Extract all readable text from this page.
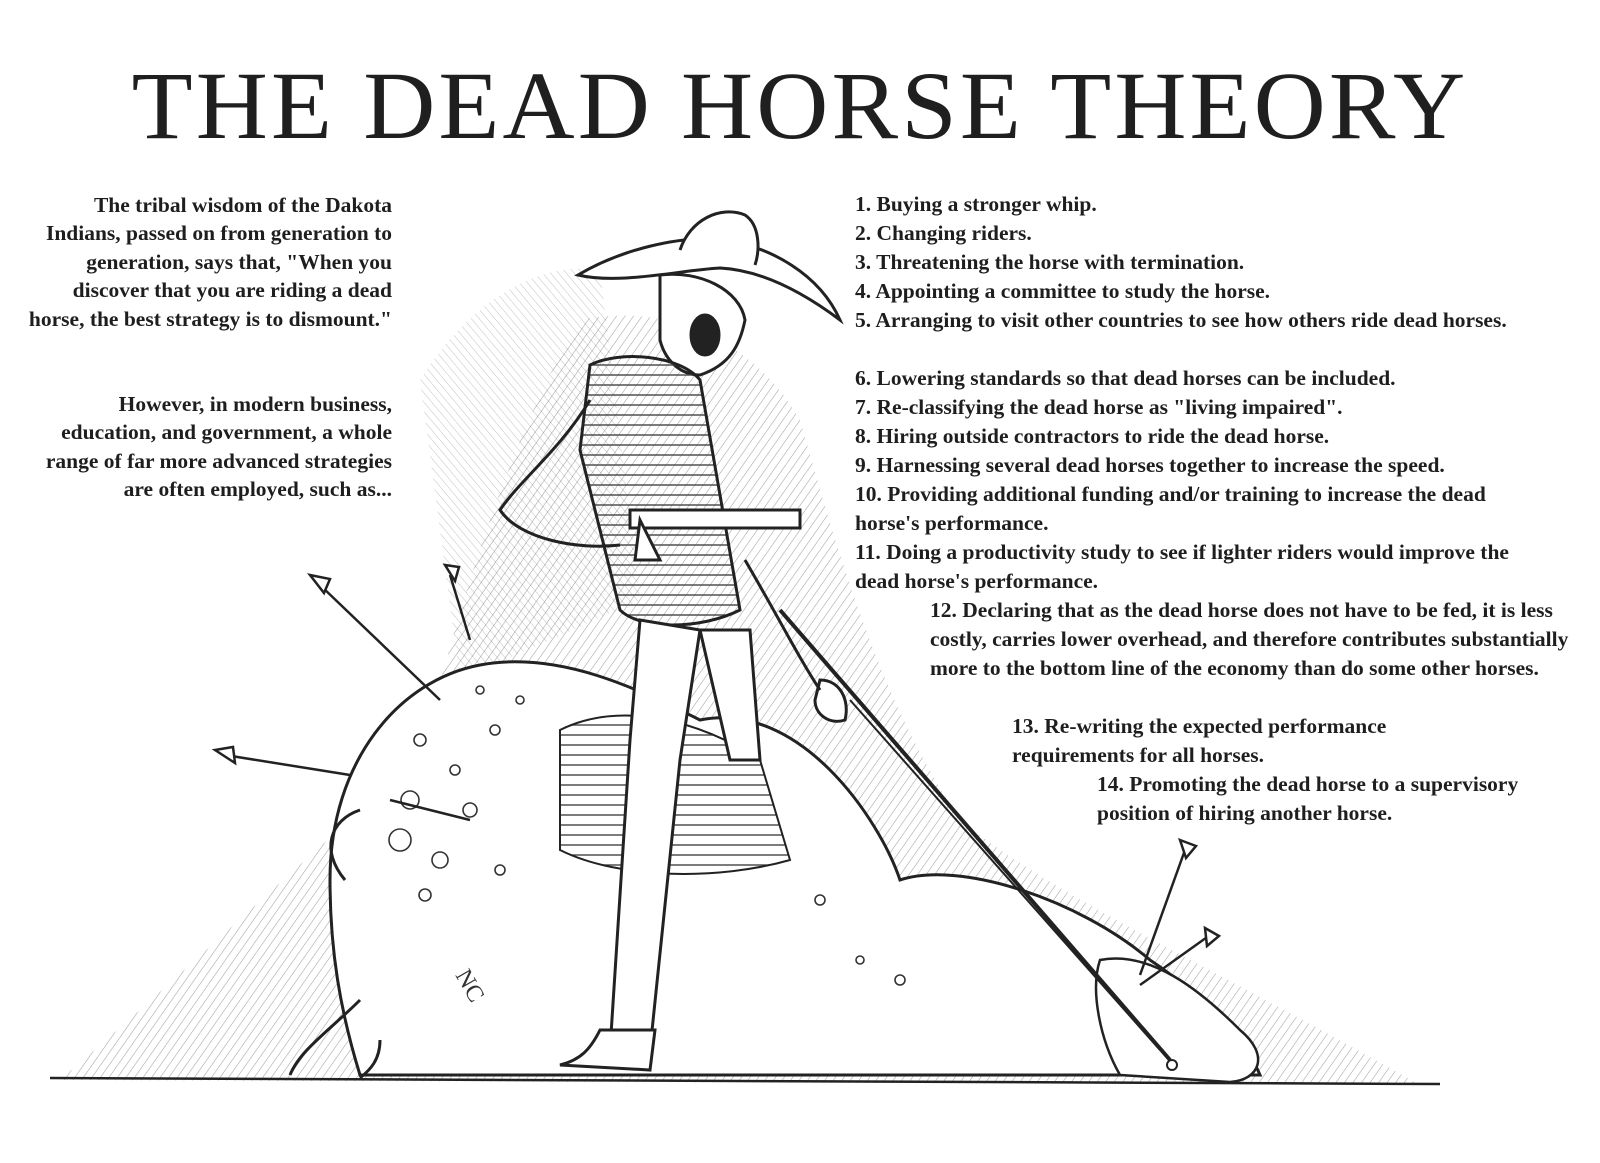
NC
THE DEAD HORSE THEORY

The tribal wisdom of the Dakota Indians, passed on from generation to generation, says that, "When you discover that you are riding a dead horse, the best strategy is to dismount."

However, in modern business, education, and government, a whole range of far more advanced strategies are often employed, such as...

1. Buying a stronger whip.

2. Changing riders.

3. Threatening the horse with termination.

4. Appointing a committee to study the horse.

5. Arranging to visit other countries to see how others ride dead horses.

6. Lowering standards so that dead horses can be included.

7. Re-classifying the dead horse as "living impaired".

8. Hiring outside contractors to ride the dead horse.

9. Harnessing several dead horses together to increase the speed.

10. Providing additional funding and/or training to increase the dead horse's performance.

11. Doing a productivity study to see if lighter riders would improve the dead horse's performance.

12. Declaring that as the dead horse does not have to be fed, it is less costly, carries lower overhead, and therefore contributes substantially more to the bottom line of the economy than do some other horses.

13. Re-writing the expected performance requirements for all horses.

14. Promoting the dead horse to a supervisory position of hiring another horse.
